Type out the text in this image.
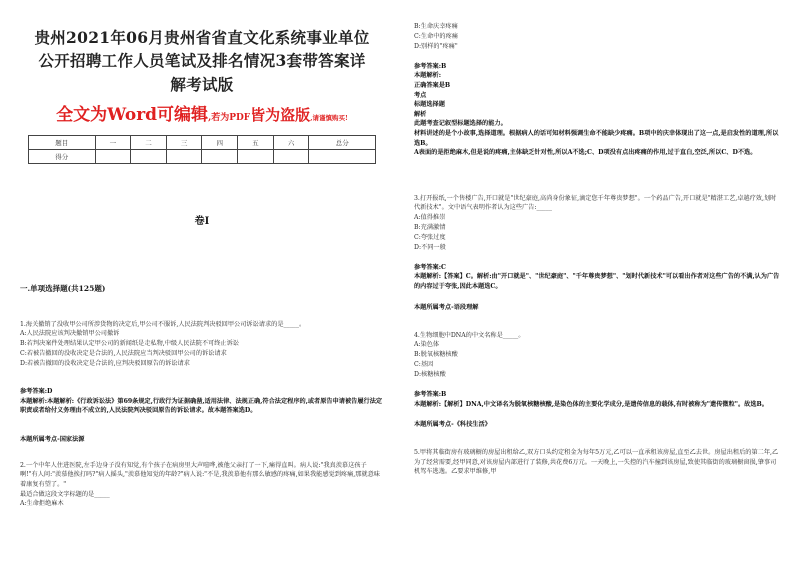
贵州2021年06月贵州省省直文化系统事业单位
公开招聘工作人员笔试及排名情况3套带答案详
解考试版
全文为Word可编辑,若为PDF皆为盗版,请谨慎购买!
题目	一	二	三	四	五	六	总分
得分							
卷I
一.单项选择题(共125题)
1.海关撤销了没收甲公司所涉货物的决定后,甲公司不服诉,人民法院判决驳回甲公司诉讼请求的是_____。
A:人民法院应该判决撤销甲公司撤诉
B:若判决案件处理结果认定甲公司的新闻纸是走私物,中级人民法院不可终止诉讼
C:若被告撤回的没收决定是合法的,人民法院应当判决驳回甲公司的诉讼请求
D:若被告撤回的没收决定是合法的,应判决驳回原告的诉讼请求
参考答案:D
本题解析:本题解析:《行政诉讼法》第69条规定,行政行为证据确凿,适用法律、法规正确,符合法定程序的,或者原告申请被告履行法定职责或者给付义务理由不成立的,人民法院判决驳回原告的诉讼请求。故本题答案选D。
本题所属考点-国家法源
2.一个中年人住进医院,左手边身子没有知觉,有个孩子在病房里大声喧哗,被他父亲打了一下,痛得直叫。病人说:"我真羡慕这孩子啊!"有人问:"羡慕他挨打吗?"病人摇头,"羡慕他知觉的年龄?"病人说:"不是,我羡慕他有那么敏感的疼痛,如果我能感觉到疼痛,那就意味着康复有望了。"
最适合做这段文字标题的是_____
A:生命拒绝麻木
B:生命庆幸疼痛
C:生命中的疼痛
D:别样的"疼痛"
参考答案:B
本题解析:
正确答案是B
考点
标题选择题
解析
此题考查记叙型标题选择的能力。
材料讲述的是个小故事,选择道理。根据病人的话可知材料强调生命不能缺少疼痛。B项中的庆幸体现出了这一点,是启发性的道理,所以选B。
A表面的是拒绝麻木,但是说的疼痛,主体缺乏针对性,所以A不选;C、D项没有点出疼痛的作用,过于直白,空泛,所以C、D不选。
3.打开报纸,一个售楼广告,开口就是"世纪豪庭,高尚身份象征,滴定您千年尊贵梦想"。一个药品广告,开口就是"精湛工艺,卓越疗效,划时代新技术"。文中语气表明作者认为这些广告:_____
A:值得推崇
B:充满激情
C:夸张过度
D:不同一般
参考答案:C
本题解析:【答案】C。解析:由"开口就是"、"世纪豪庭"、"千年尊贵梦想"、"划时代新技术"可以看出作者对这些广告的不满,认为广告的内容过于夸张,因此本题选C。
本题所属考点-语段理解
4.生物细胞中DNA的中文名称是_____。
A:染色体
B:脱氧核糖核酸
C:基因
D:核糖核酸
参考答案:B
本题解析:【解析】DNA,中文译名为脱氧核糖核酸,是染色体的主要化学成分,是遗传信息的载体,有时被称为"遗传微粒"。故选B。
本题所属考点-《科技生活》
5.甲将其临街房有玻璃橱的房屋出租给乙,双方口头约定租金为每年5万元,乙可以一直承租该房屋,直至乙去世。房屋出租后的第二年,乙为了经营需要,经甲同意,对该房屋内部进行了装修,共花费6万元。一天晚上,一失控的汽车撞到该房屋,致使其临街的玻璃橱窗损,肇事司机驾车逃逸。乙要求甲维修,甲
